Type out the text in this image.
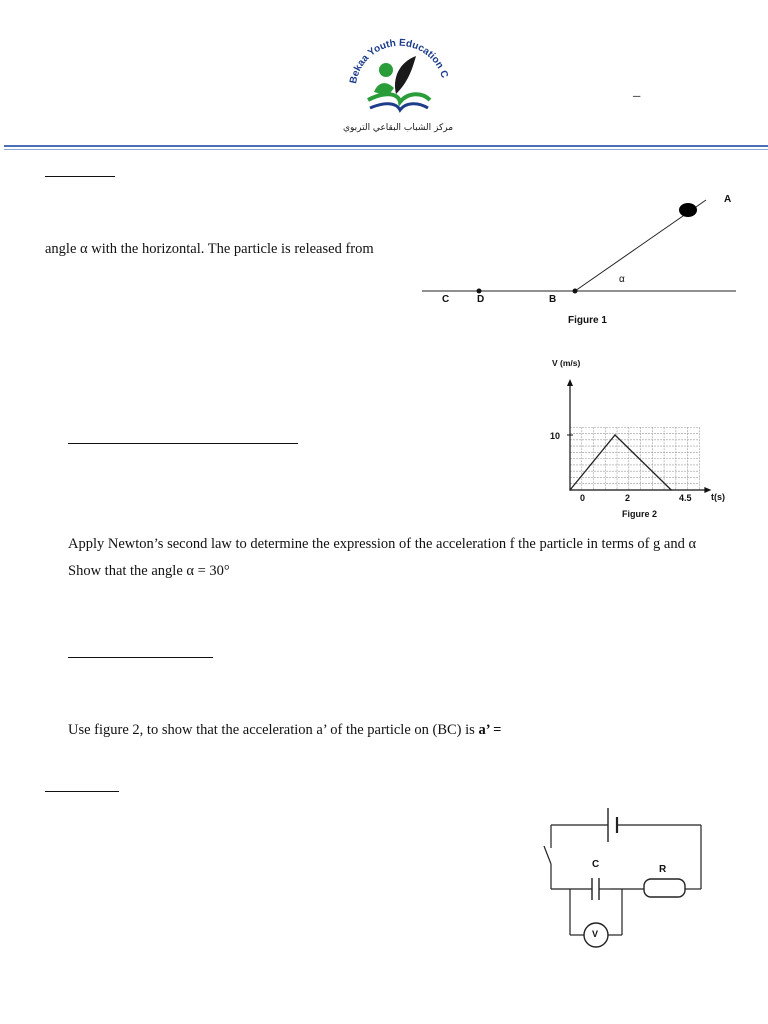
Bekaa Youth Education C
مركز الشباب البقاعي التربوي
–
angle α with the horizontal. The particle is released from
Apply Newton’s second law to determine the expression of the acceleration f the particle in terms of g and α
Show that the angle α = 30°
Use figure 2, to show that the acceleration a’ of the particle on (BC) is a’ =
A
α
C	D	B
Figure 1
V (m/s)
t(s)
10
0	2	4.5
Figure 2
C	R
V
